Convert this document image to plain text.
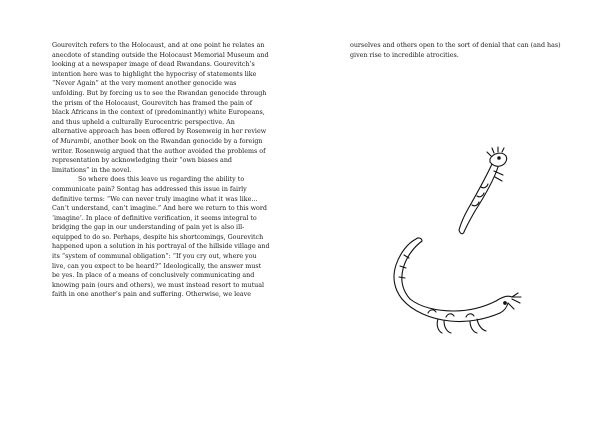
Gourevitch refers to the Holocaust, and at one point he relates an anecdote of standing outside the Holocaust Memorial Museum and looking at a newspaper image of dead Rwandans. Gourevitch’s intention here was to highlight the hypocrisy of statements like “Never Again” at the very moment another genocide was unfolding. But by forcing us to see the Rwandan genocide through the prism of the Holocaust, Gourevitch has framed the pain of black Africans in the context of (predominantly) white Europeans, and thus upheld a culturally Eurocentric perspective. An alternative approach has been offered by Rosenweig in her review of Murambi, another book on the Rwandan genocide by a foreign writer. Rosenweig argued that the author avoided the problems of representation by acknowledging their “own biases and limitations” in the novel.

So where does this leave us regarding the ability to communicate pain? Sontag has addressed this issue in fairly definitive terms: “We can never truly imagine what it was like… Can’t understand, can’t imagine.” And here we return to this word ‘imagine’. In place of definitive verification, it seems integral to bridging the gap in our understanding of pain yet is also ill-equipped to do so. Perhaps, despite his shortcomings, Gourevitch happened upon a solution in his portrayal of the hillside village and its “system of communal obligation”: “If you cry out, where you live, can you expect to be heard?” Ideologically, the answer must be yes. In place of a means of conclusively communicating and knowing pain (ours and others), we must instead resort to mutual faith in one another’s pain and suffering. Otherwise, we leave

ourselves and others open to the sort of denial that can (and has) given rise to incredible atrocities.
